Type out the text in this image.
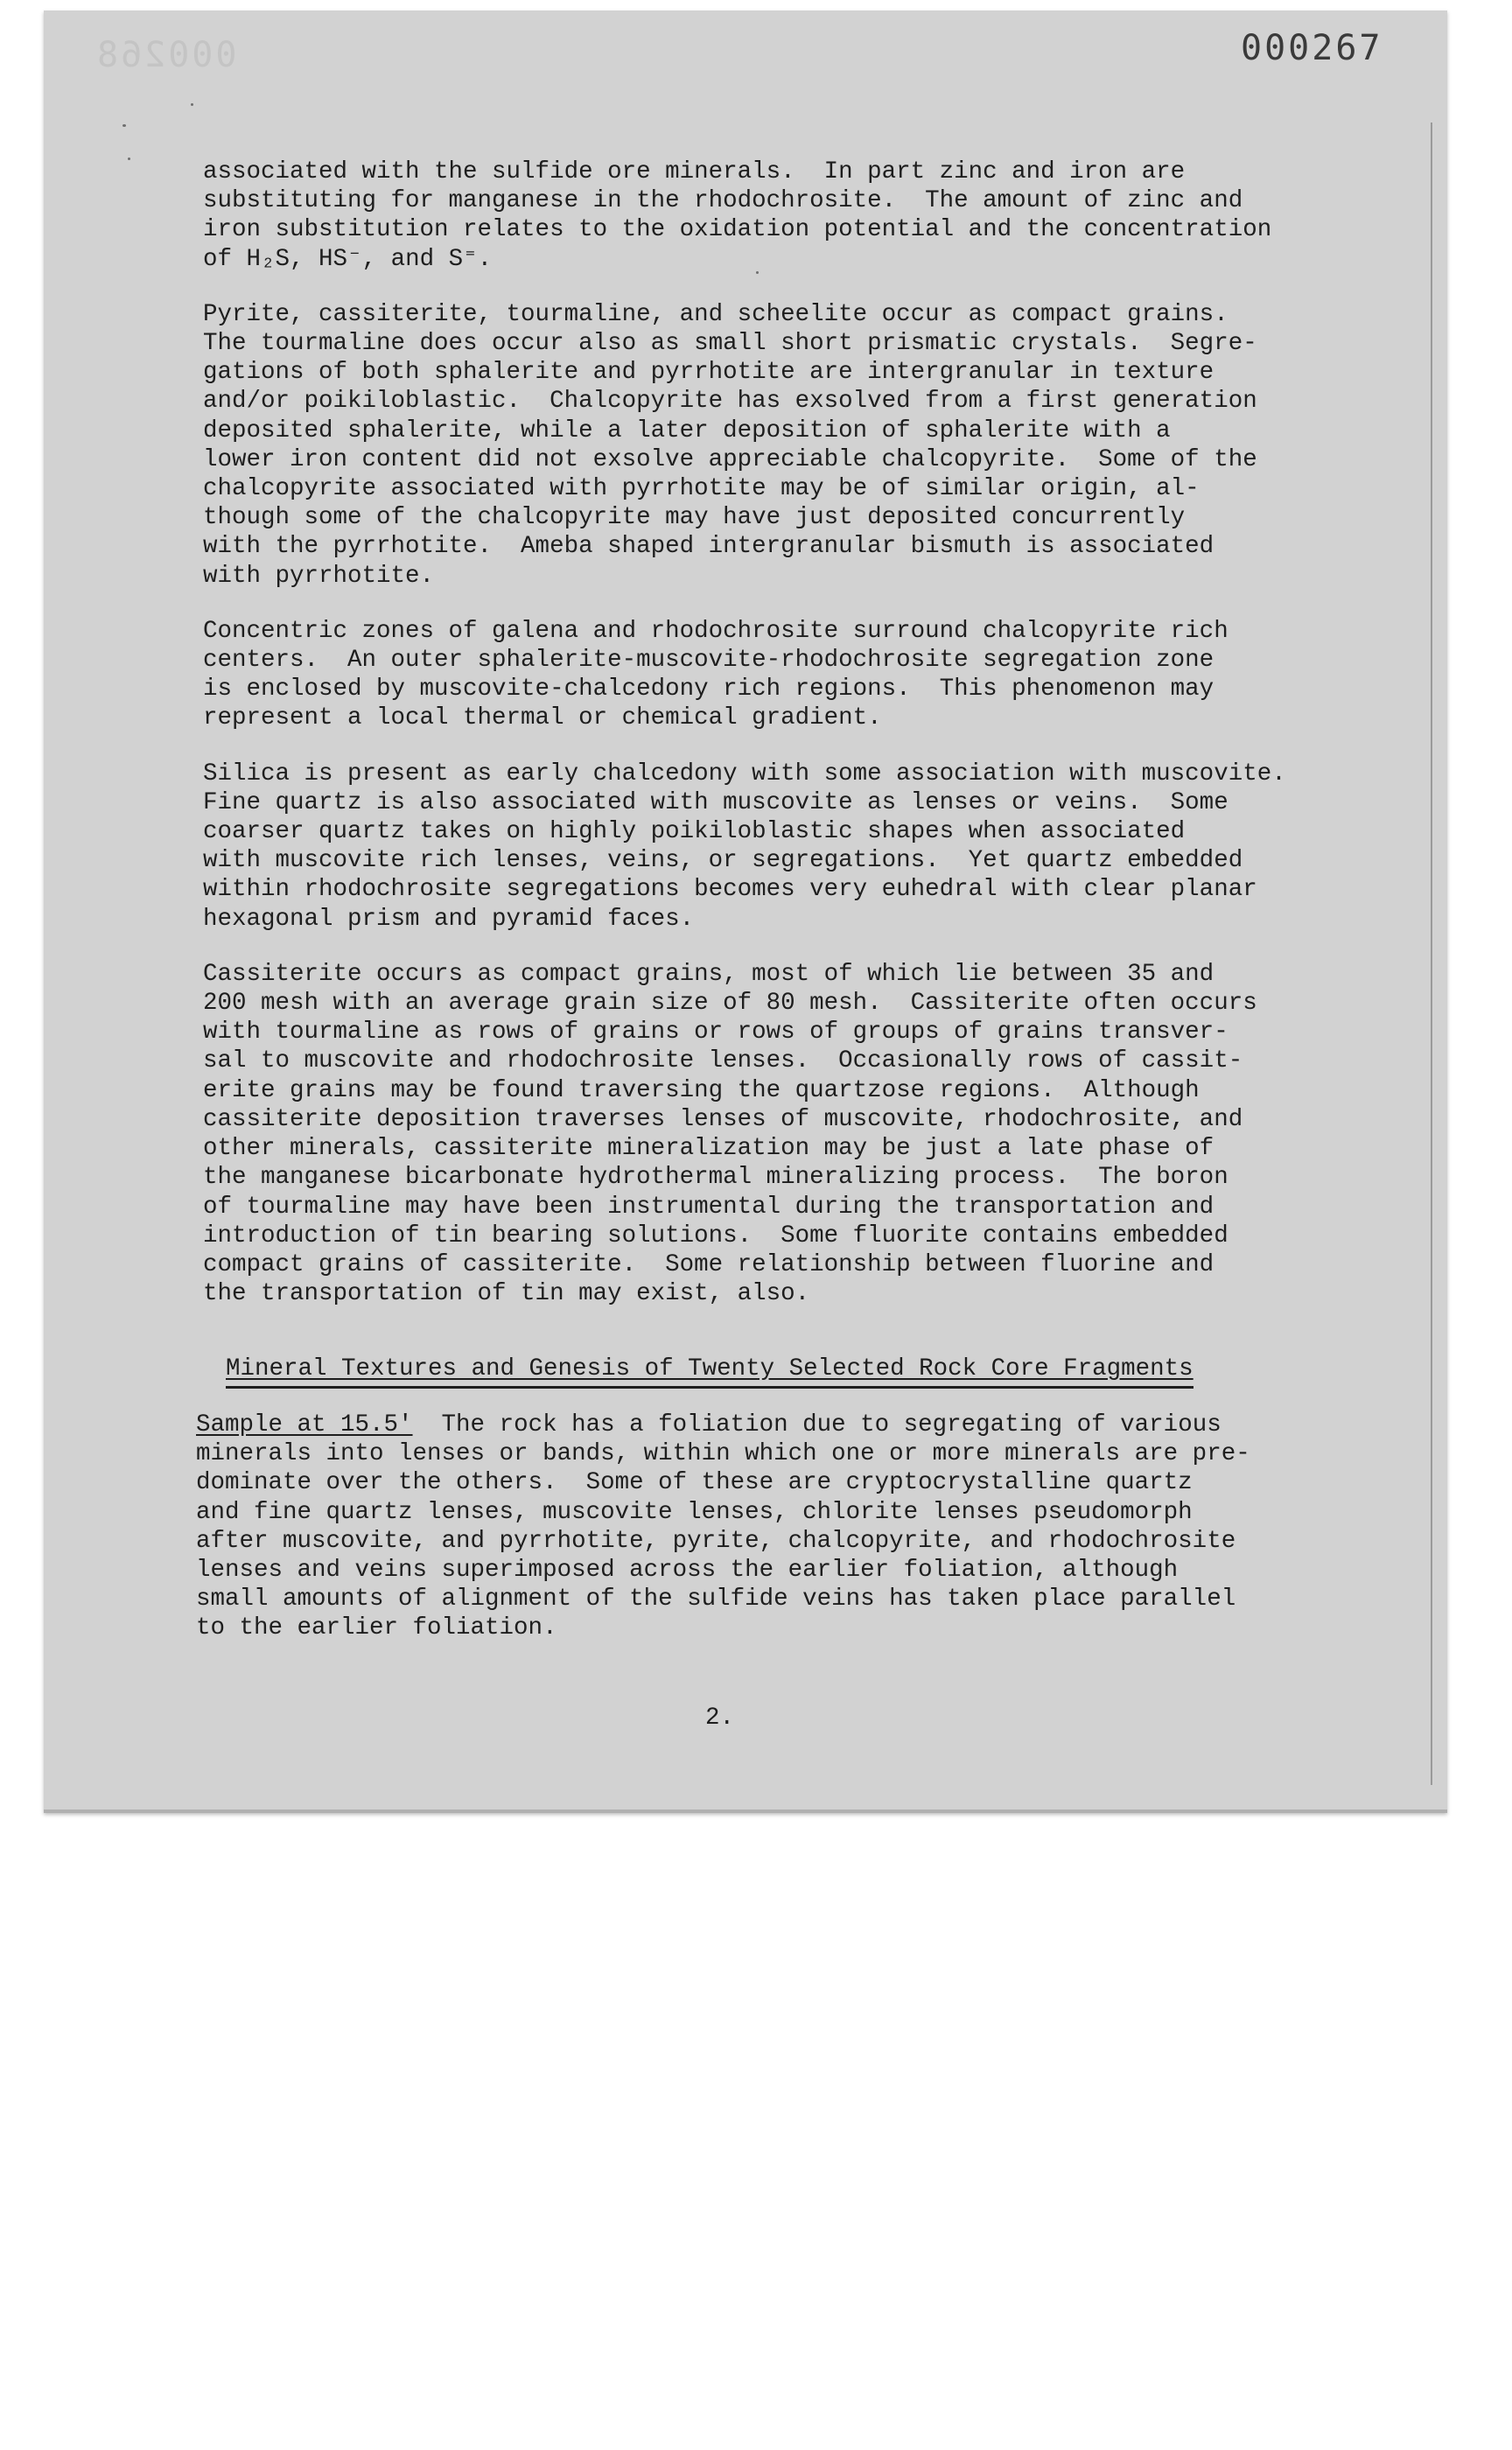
000268	000267

associated with the sulfide ore minerals.  In part zinc and iron are
substituting for manganese in the rhodochrosite.  The amount of zinc and
iron substitution relates to the oxidation potential and the concentration
of H₂S, HS⁻, and S⁼.

Pyrite, cassiterite, tourmaline, and scheelite occur as compact grains.
The tourmaline does occur also as small short prismatic crystals.  Segre-
gations of both sphalerite and pyrrhotite are intergranular in texture
and/or poikiloblastic.  Chalcopyrite has exsolved from a first generation
deposited sphalerite, while a later deposition of sphalerite with a
lower iron content did not exsolve appreciable chalcopyrite.  Some of the
chalcopyrite associated with pyrrhotite may be of similar origin, al-
though some of the chalcopyrite may have just deposited concurrently
with the pyrrhotite.  Ameba shaped intergranular bismuth is associated
with pyrrhotite.

Concentric zones of galena and rhodochrosite surround chalcopyrite rich
centers.  An outer sphalerite-muscovite-rhodochrosite segregation zone
is enclosed by muscovite-chalcedony rich regions.  This phenomenon may
represent a local thermal or chemical gradient.

Silica is present as early chalcedony with some association with muscovite.
Fine quartz is also associated with muscovite as lenses or veins.  Some
coarser quartz takes on highly poikiloblastic shapes when associated
with muscovite rich lenses, veins, or segregations.  Yet quartz embedded
within rhodochrosite segregations becomes very euhedral with clear planar
hexagonal prism and pyramid faces.

Cassiterite occurs as compact grains, most of which lie between 35 and
200 mesh with an average grain size of 80 mesh.  Cassiterite often occurs
with tourmaline as rows of grains or rows of groups of grains transver-
sal to muscovite and rhodochrosite lenses.  Occasionally rows of cassit-
erite grains may be found traversing the quartzose regions.  Although
cassiterite deposition traverses lenses of muscovite, rhodochrosite, and
other minerals, cassiterite mineralization may be just a late phase of
the manganese bicarbonate hydrothermal mineralizing process.  The boron
of tourmaline may have been instrumental during the transportation and
introduction of tin bearing solutions.  Some fluorite contains embedded
compact grains of cassiterite.  Some relationship between fluorine and
the transportation of tin may exist, also.

Mineral Textures and Genesis of Twenty Selected Rock Core Fragments
Sample at 15.5'  The rock has a foliation due to segregating of various
minerals into lenses or bands, within which one or more minerals are pre-
dominate over the others.  Some of these are cryptocrystalline quartz
and fine quartz lenses, muscovite lenses, chlorite lenses pseudomorph
after muscovite, and pyrrhotite, pyrite, chalcopyrite, and rhodochrosite
lenses and veins superimposed across the earlier foliation, although
small amounts of alignment of the sulfide veins has taken place parallel
to the earlier foliation.
2.
